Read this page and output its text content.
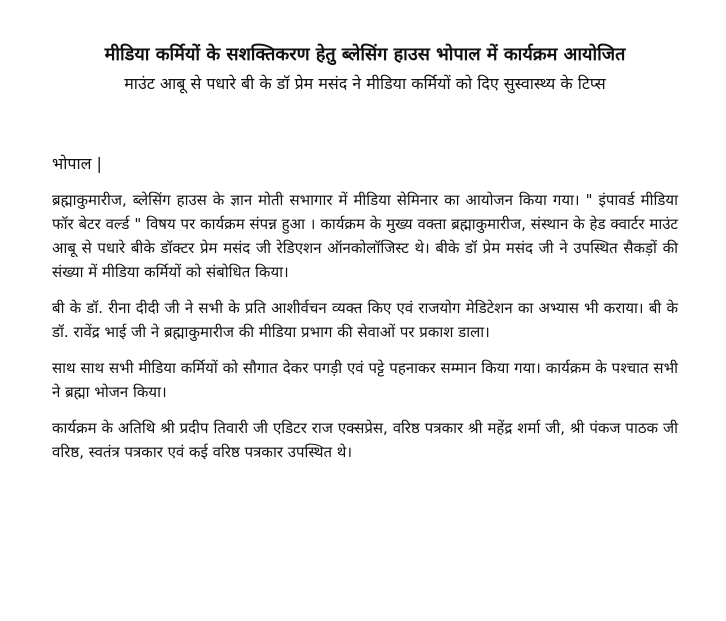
मीडिया कर्मियों के सशक्तिकरण हेतु ब्लेसिंग हाउस भोपाल में कार्यक्रम आयोजित

माउंट आबू से पधारे बी के डॉ प्रेम मसंद ने मीडिया कर्मियों को दिए सुस्वास्थ्य के टिप्स

भोपाल |

ब्रह्माकुमारीज, ब्लेसिंग हाउस के ज्ञान मोती सभागार में मीडिया सेमिनार का आयोजन किया गया। " इंपावर्ड मीडिया फॉर बेटर वर्ल्ड " विषय पर कार्यक्रम संपन्न हुआ । कार्यक्रम के मुख्य वक्ता ब्रह्माकुमारीज, संस्थान के हेड क्वार्टर माउंट आबू से पधारे बीके डॉक्टर प्रेम मसंद जी रेडिएशन ऑनकोलॉजिस्ट थे। बीके डॉ प्रेम मसंद जी ने उपस्थित सैकड़ों की संख्या में मीडिया कर्मियों को संबोधित किया।

बी के डॉ. रीना दीदी जी ने सभी के प्रति आशीर्वचन व्यक्त किए एवं राजयोग मेडिटेशन का अभ्यास भी कराया। बी के डॉ. रावेंद्र भाई जी ने ब्रह्माकुमारीज की मीडिया प्रभाग की सेवाओं पर प्रकाश डाला।

साथ साथ सभी मीडिया कर्मियों को सौगात देकर पगड़ी एवं पट्टे पहनाकर सम्मान किया गया। कार्यक्रम के पश्चात सभी ने ब्रह्मा भोजन किया।

कार्यक्रम के अतिथि श्री प्रदीप तिवारी जी एडिटर राज एक्सप्रेस, वरिष्ठ पत्रकार श्री महेंद्र शर्मा जी, श्री पंकज पाठक जी वरिष्ठ, स्वतंत्र पत्रकार एवं कई वरिष्ठ पत्रकार उपस्थित थे।
